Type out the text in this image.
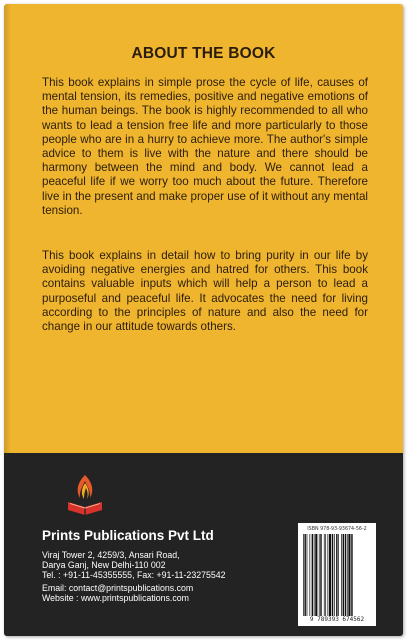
ABOUT THE BOOK

This book explains in simple prose the cycle of life, causes of mental tension, its remedies, positive and negative emotions of the human beings. The book is highly recommended to all who wants to lead a tension free life and more particularly to those people who are in a hurry to achieve more. The author's simple advice to them is live with the nature and there should be harmony between the mind and body. We cannot lead a peaceful life if we worry too much about the future. Therefore live in the present and make proper use of it without any mental tension.

This book explains in detail how to bring purity in our life by avoiding negative energies and hatred for others. This book contains valuable inputs which will help a person to lead a purposeful and peaceful life. It advocates the need for living according to the principles of nature and also the need for change in our attitude towards others.

Prints Publications Pvt Ltd
Viraj Tower 2, 4259/3, Ansari Road,
Darya Ganj, New Delhi-110 002
Tel. : +91-11-45355555, Fax: +91-11-23275542
Email: contact@printspublications.com
Website : www.printspublications.com
ISBN 978-93-93674-56-2
9 789393 674562
